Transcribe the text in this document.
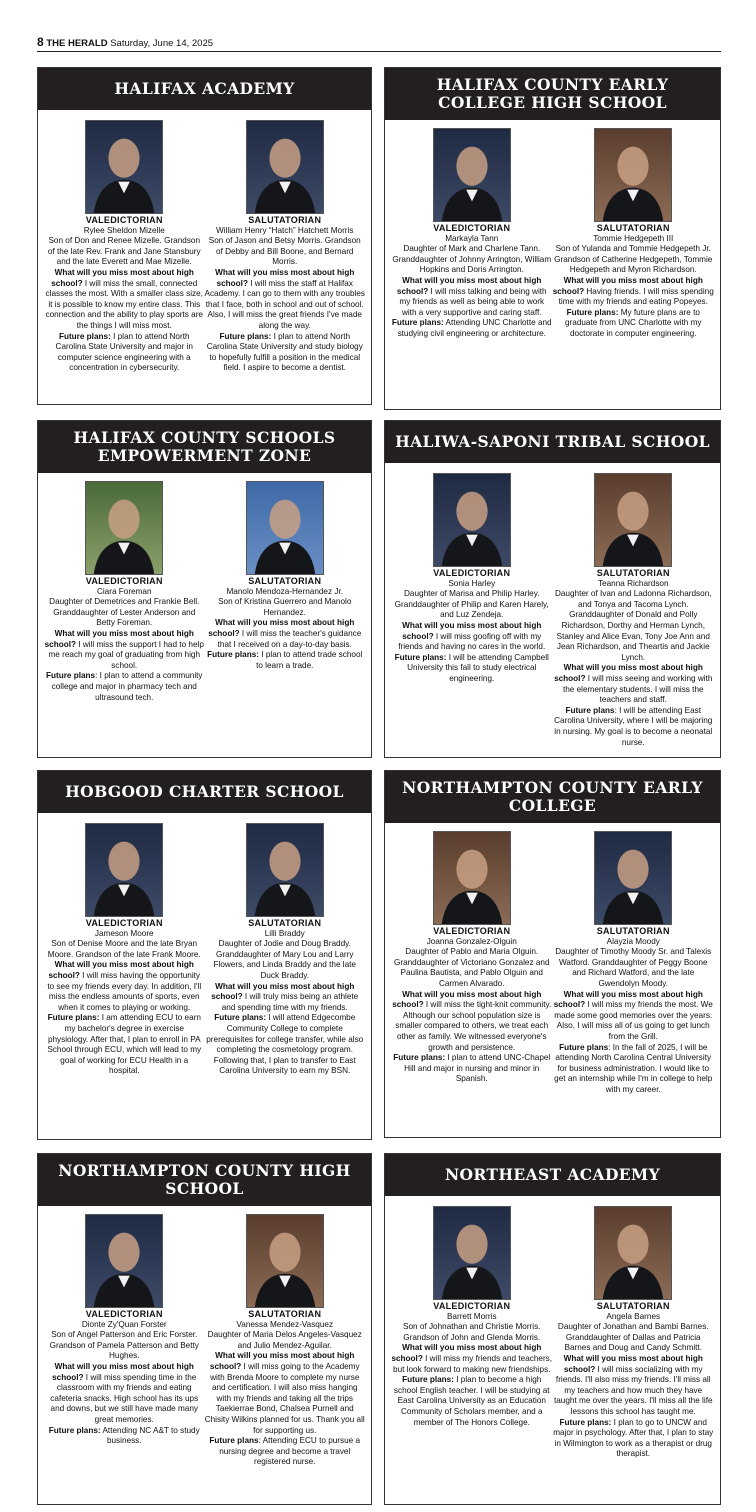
8 THE HERALD Saturday, June 14, 2025
HALIFAX ACADEMY
VALEDICTORIAN
Rylee Sheldon Mizelle
Son of Don and Renee Mizelle. Grandson of the late Rev. Frank and Jane Stansbury and the late Everett and Mae Mizelle.
What will you miss most about high school? I will miss the small, connected classes the most. With a smaller class size, it is possible to know my entire class. This connection and the ability to play sports are the things I will miss most.
Future plans: I plan to attend North Carolina State University and major in computer science engineering with a concentration in cybersecurity.
SALUTATORIAN
William Henry “Hatch” Hatchett Morris
Son of Jason and Betsy Morris. Grandson of Debby and Bill Boone, and Bernard Morris.
What will you miss most about high school? I will miss the staff at Halifax Academy. I can go to them with any troubles that I face, both in school and out of school. Also, I will miss the great friends I've made along the way.
Future plans: I plan to attend North Carolina State University and study biology to hopefully fulfill a position in the medical field. I aspire to become a dentist.
HALIFAX COUNTY EARLY COLLEGE HIGH SCHOOL
VALEDICTORIAN
Markayla Tann
Daughter of Mark and Charlene Tann. Granddaughter of Johnny Arrington, William Hopkins and Doris Arrington.
What will you miss most about high school? I will miss talking and being with my friends as well as being able to work with a very supportive and caring staff.
Future plans: Attending UNC Charlotte and studying civil engineering or architecture.
SALUTATORIAN
Tommie Hedgepeth III
Son of Yulanda and Tommie Hedgepeth Jr. Grandson of Catherine Hedgepeth, Tommie Hedgepeth and Myron Richardson.
What will you miss most about high school? Having friends. I will miss spending time with my friends and eating Popeyes.
Future plans: My future plans are to graduate from UNC Charlotte with my doctorate in computer engineering.
HALIFAX COUNTY SCHOOLS EMPOWERMENT ZONE
VALEDICTORIAN
Ciara Foreman
Daughter of Demetrices and Frankie Bell. Granddaughter of Lester Anderson and Betty Foreman.
What will you miss most about high school? I will miss the support I had to help me reach my goal of graduating from high school.
Future plans: I plan to attend a community college and major in pharmacy tech and ultrasound tech.
SALUTATORIAN
Manolo Mendoza-Hernandez Jr.
Son of Kristina Guerrero and Manolo Hernandez.
What will you miss most about high school? I will miss the teacher's guidance that I received on a day-to-day basis.
Future plans: I plan to attend trade school to learn a trade.
HALIWA-SAPONI TRIBAL SCHOOL
VALEDICTORIAN
Sonia Harley
Daughter of Marisa and Philip Harley. Granddaughter of Philip and Karen Harely, and Luz Zendeja.
What will you miss most about high school? I will miss goofing off with my friends and having no cares in the world.
Future plans: I will be attending Campbell University this fall to study electrical engineering.
SALUTATORIAN
Teanna Richardson
Daughter of Ivan and Ladonna Richardson, and Tonya and Tacoma Lynch. Granddaughter of Donald and Polly Richardson, Dorthy and Herman Lynch, Stanley and Alice Evan, Tony Joe Ann and Jean Richardson, and Theartis and Jackie Lynch.
What will you miss most about high school? I will miss seeing and working with the elementary students. I will miss the teachers and staff.
Future plans: I will be attending East Carolina University, where I will be majoring in nursing. My goal is to become a neonatal nurse.
HOBGOOD CHARTER SCHOOL
VALEDICTORIAN
Jameson Moore
Son of Denise Moore and the late Bryan Moore. Grandson of the late Frank Moore.
What will you miss most about high school? I will miss having the opportunity to see my friends every day. In addition, I'll miss the endless amounts of sports, even when it comes to playing or working.
Future plans: I am attending ECU to earn my bachelor's degree in exercise physiology. After that, I plan to enroll in PA School through ECU, which will lead to my goal of working for ECU Health in a hospital.
SALUTATORIAN
Lilli Braddy
Daughter of Jodie and Doug Braddy. Granddaughter of Mary Lou and Larry Flowers, and Linda Braddy and the late Duck Braddy.
What will you miss most about high school? I will truly miss being an athlete and spending time with my friends.
Future plans: I will attend Edgecombe Community College to complete prerequisites for college transfer, while also completing the cosmetology program. Following that, I plan to transfer to East Carolina University to earn my BSN.
NORTHAMPTON COUNTY EARLY COLLEGE
VALEDICTORIAN
Joanna Gonzalez-Olguin
Daughter of Pablo and Maria Olguin. Granddaughter of Victoriano Gonzalez and Paulina Bautista, and Pablo Olguin and Carmen Alvarado.
What will you miss most about high school? I will miss the tight-knit community. Although our school population size is smaller compared to others, we treat each other as family. We witnessed everyone's growth and persistence.
Future plans: I plan to attend UNC-Chapel Hill and major in nursing and minor in Spanish.
SALUTATORIAN
Alayzia Moody
Daughter of Timothy Moody Sr. and Talexis Watford. Granddaughter of Peggy Boone and Richard Watford, and the late Gwendolyn Moody.
What will you miss most about high school? I will miss my friends the most. We made some good memories over the years. Also, I will miss all of us going to get lunch from the Grill.
Future plans: In the fall of 2025, I will be attending North Carolina Central University for business administration. I would like to get an internship while I'm in college to help with my career.
NORTHAMPTON COUNTY HIGH SCHOOL
VALEDICTORIAN
Dionte Zy'Quan Forster
Son of Angel Patterson and Eric Forster. Grandson of Pamela Patterson and Betty Hughes.
What will you miss most about high school? I will miss spending time in the classroom with my friends and eating cafeteria snacks. High school has its ups and downs, but we still have made many great memories.
Future plans: Attending NC A&T to study business.
SALUTATORIAN
Vanessa Mendez-Vasquez
Daughter of Maria Delos Angeles-Vasquez and Julio Mendez-Aguilar.
What will you miss most about high school? I will miss going to the Academy with Brenda Moore to complete my nurse and certification. I will also miss hanging with my friends and taking all the trips Taekierrae Bond, Chalsea Purnell and Chisity Wilkins planned for us. Thank you all for supporting us.
Future plans: Attending ECU to pursue a nursing degree and become a travel registered nurse.
NORTHEAST ACADEMY
VALEDICTORIAN
Barrett Morris
Son of Johnathan and Christie Morris. Grandson of John and Glenda Morris.
What will you miss most about high school? I will miss my friends and teachers, but look forward to making new friendships.
Future plans: I plan to become a high school English teacher. I will be studying at East Carolina University as an Education Community of Scholars member, and a member of The Honors College.
SALUTATORIAN
Angela Barnes
Daughter of Jonathan and Bambi Barnes. Granddaughter of Dallas and Patricia Barnes and Doug and Candy Schmitt.
What will you miss most about high school? I will miss socializing with my friends. I'll also miss my friends. I'll miss all my teachers and how much they have taught me over the years. I'll miss all the life lessons this school has taught me.
Future plans: I plan to go to UNCW and major in psychology. After that, I plan to stay in Wilmington to work as a therapist or drug therapist.
